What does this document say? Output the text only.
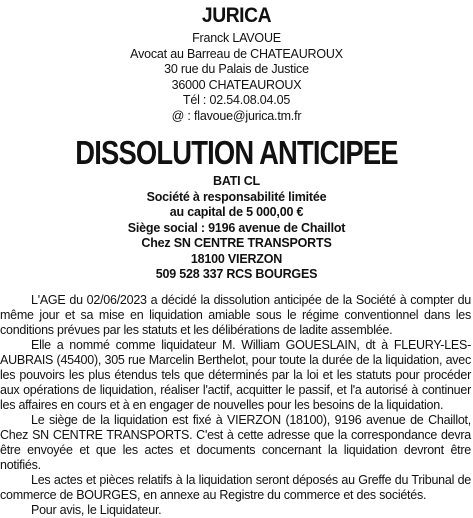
JURICA
Franck LAVOUE
Avocat au Barreau de CHATEAUROUX
30 rue du Palais de Justice
36000 CHATEAUROUX
Tél : 02.54.08.04.05
@ : flavoue@jurica.tm.fr
DISSOLUTION ANTICIPEE
BATI CL
Société à responsabilité limitée
au capital de 5 000,00 €
Siège social : 9196 avenue de Chaillot
Chez SN CENTRE TRANSPORTS
18100 VIERZON
509 528 337 RCS BOURGES

L'AGE du 02/06/2023 a décidé la dissolution anticipée de la Société à compter du même jour et sa mise en liquidation amiable sous le régime conventionnel dans les conditions prévues par les statuts et les délibérations de ladite assemblée.

Elle a nommé comme liquidateur M. William GOUESLAIN, dt à FLEURY-LES-AUBRAIS (45400), 305 rue Marcelin Berthelot, pour toute la durée de la liquidation, avec les pouvoirs les plus étendus tels que déterminés par la loi et les statuts pour procéder aux opérations de liquidation, réaliser l'actif, acquitter le passif, et l'a autorisé à continuer les affaires en cours et à en engager de nouvelles pour les besoins de la liquidation.

Le siège de la liquidation est fixé à VIERZON (18100), 9196 avenue de Chaillot, Chez SN CENTRE TRANSPORTS. C'est à cette adresse que la correspondance devra être envoyée et que les actes et documents concernant la liquidation devront être notifiés.

Les actes et pièces relatifs à la liquidation seront déposés au Greffe du Tribunal de commerce de BOURGES, en annexe au Registre du commerce et des sociétés.

Pour avis, le Liquidateur.
